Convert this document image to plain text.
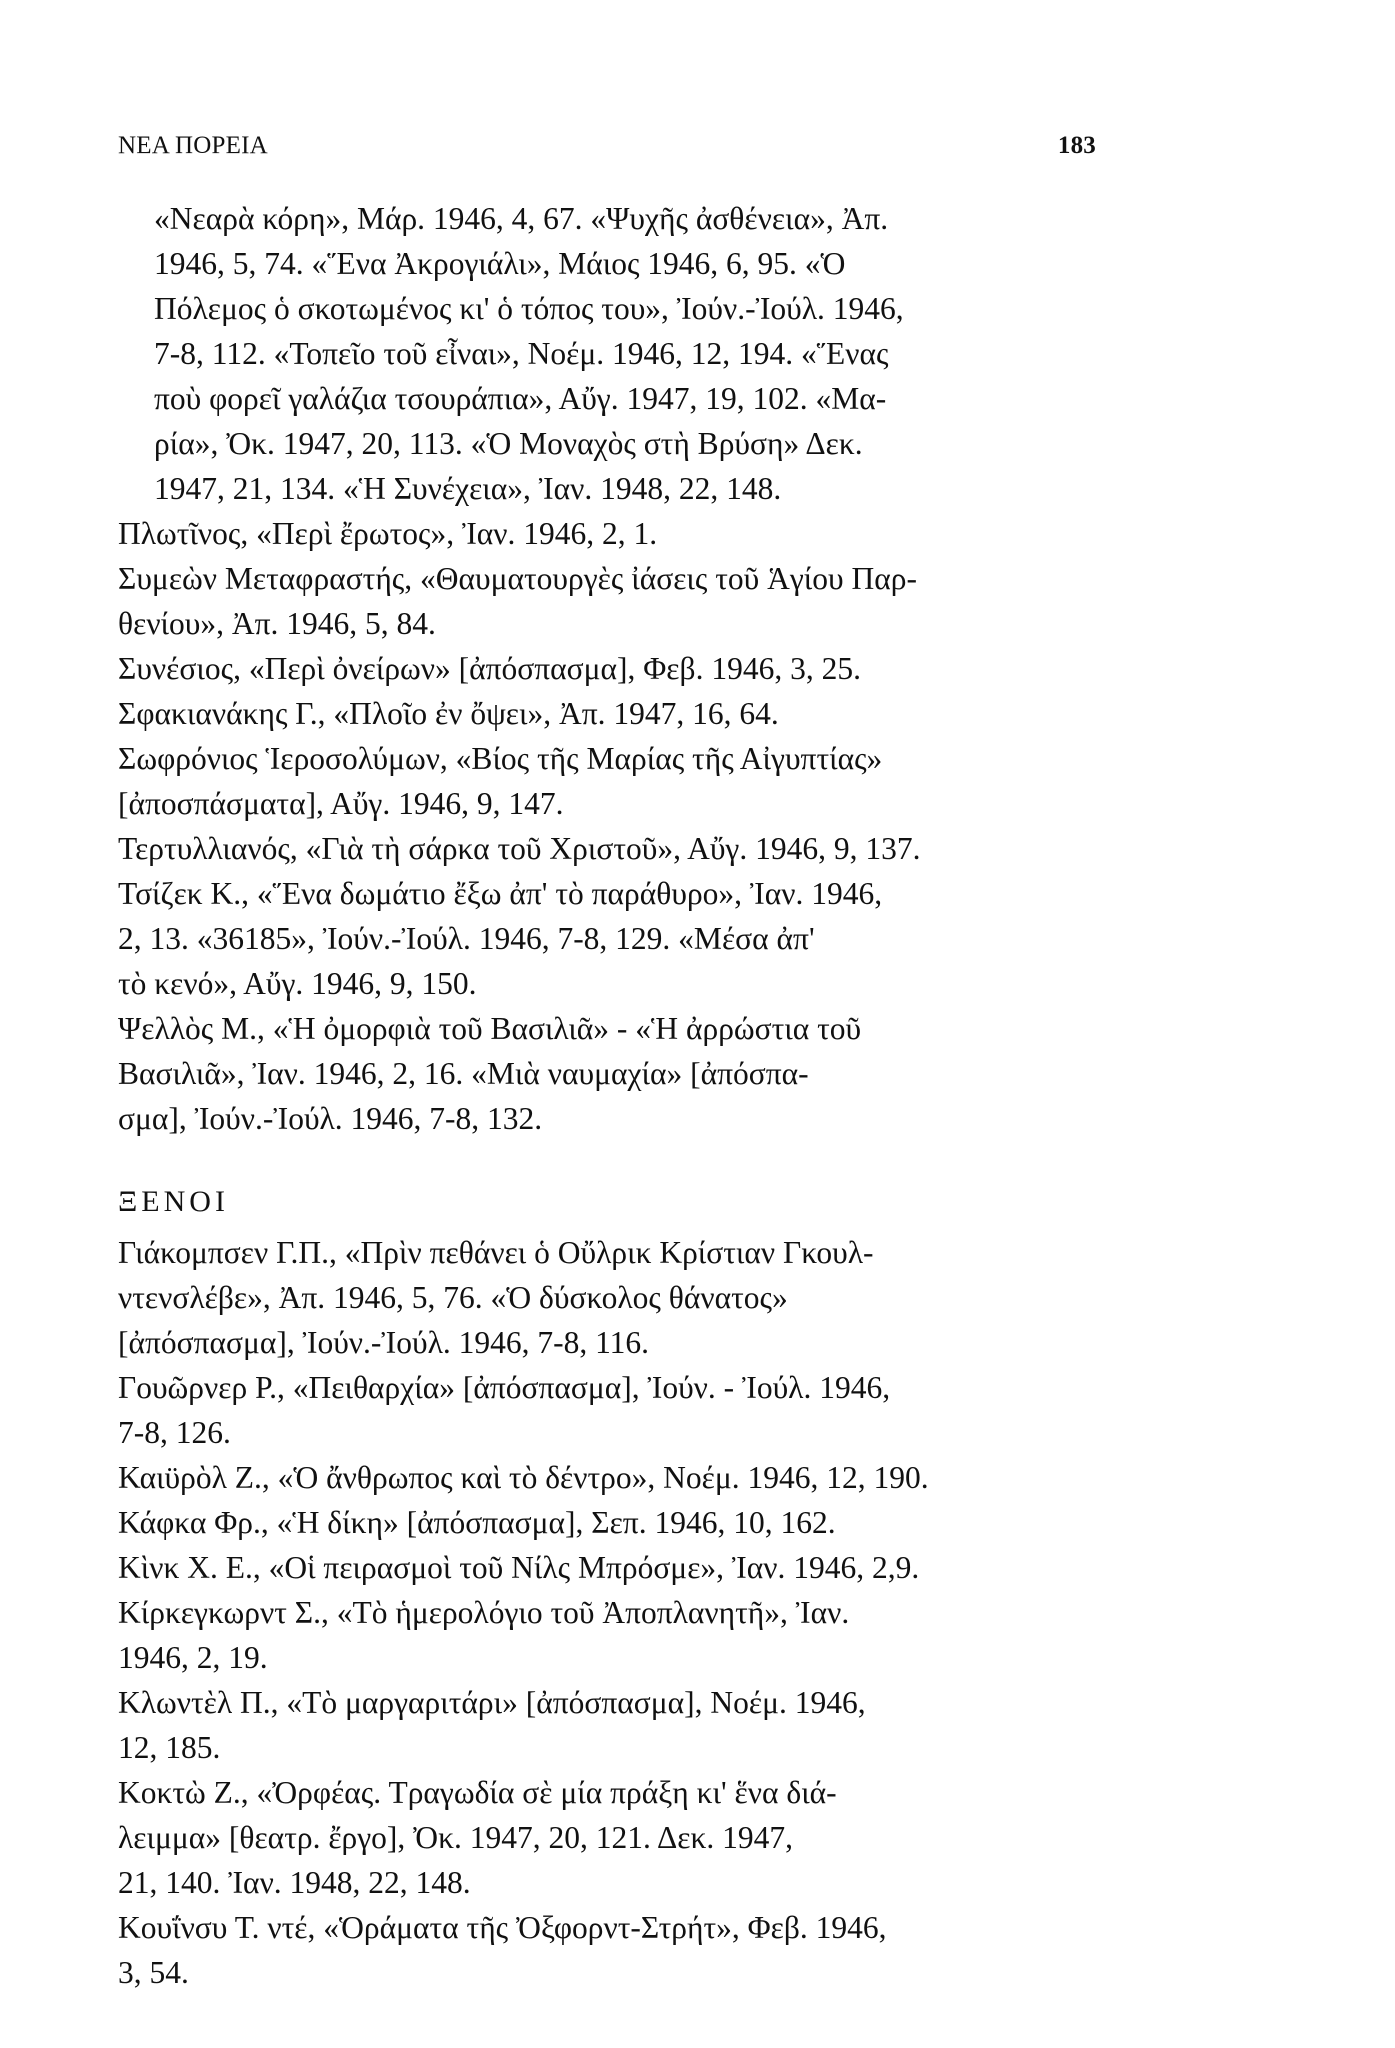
ΝΕΑ ΠΟΡΕΙΑ	183
«Νεαρὰ κόρη», Μάρ. 1946, 4, 67. «Ψυχῆς ἀσθένεια», Ἀπ.
1946, 5, 74. «Ἕνα Ἀκρογιάλι», Μάιος 1946, 6, 95. «Ὁ
Πόλεμος ὁ σκοτωμένος κι' ὁ τόπος του», Ἰούν.-Ἰούλ. 1946,
7-8, 112. «Τοπεῖο τοῦ εἶναι», Νοέμ. 1946, 12, 194. «Ἕνας
ποὺ φορεῖ γαλάζια τσουράπια», Αὔγ. 1947, 19, 102. «Μα-
ρία», Ὀκ. 1947, 20, 113. «Ὁ Μοναχὸς στὴ Βρύση» Δεκ.
1947, 21, 134. «Ἡ Συνέχεια», Ἰαν. 1948, 22, 148.
Πλωτῖνος, «Περὶ ἔρωτος», Ἰαν. 1946, 2, 1.
Συμεὼν Μεταφραστής, «Θαυματουργὲς ἰάσεις τοῦ Ἁγίου Παρ-
θενίου», Ἀπ. 1946, 5, 84.
Συνέσιος, «Περὶ ὀνείρων» [ἀπόσπασμα], Φεβ. 1946, 3, 25.
Σφακιανάκης Γ., «Πλοῖο ἐν ὄψει», Ἀπ. 1947, 16, 64.
Σωφρόνιος Ἱεροσολύμων, «Βίος τῆς Μαρίας τῆς Αἰγυπτίας»
[ἀποσπάσματα], Αὔγ. 1946, 9, 147.
Τερτυλλιανός, «Γιὰ τὴ σάρκα τοῦ Χριστοῦ», Αὔγ. 1946, 9, 137.
Τσίζεκ Κ., «Ἕνα δωμάτιο ἔξω ἀπ' τὸ παράθυρο», Ἰαν. 1946,
2, 13. «36185», Ἰούν.-Ἰούλ. 1946, 7-8, 129. «Μέσα ἀπ'
τὸ κενό», Αὔγ. 1946, 9, 150.
Ψελλὸς Μ., «Ἡ ὀμορφιὰ τοῦ Βασιλιᾶ» - «Ἡ ἀρρώστια τοῦ
Βασιλιᾶ», Ἰαν. 1946, 2, 16. «Μιὰ ναυμαχία» [ἀπόσπα-
σμα], Ἰούν.-Ἰούλ. 1946, 7-8, 132.
ΞΕΝΟΙ
Γιάκομπσεν Γ.Π., «Πρὶν πεθάνει ὁ Οὔλρικ Κρίστιαν Γκουλ-
ντενσλέβε», Ἀπ. 1946, 5, 76. «Ὁ δύσκολος θάνατος»
[ἀπόσπασμα], Ἰούν.-Ἰούλ. 1946, 7-8, 116.
Γουῶρνερ Ρ., «Πειθαρχία» [ἀπόσπασμα], Ἰούν. - Ἰούλ. 1946,
7-8, 126.
Καιϋρὸλ Ζ., «Ὁ ἄνθρωπος καὶ τὸ δέντρο», Νοέμ. 1946, 12, 190.
Κάφκα Φρ., «Ἡ δίκη» [ἀπόσπασμα], Σεπ. 1946, 10, 162.
Κὶνκ Χ. Ε., «Οἱ πειρασμοὶ τοῦ Νίλς Μπρόσμε», Ἰαν. 1946, 2,9.
Κίρκεγκωρντ Σ., «Τὸ ἡμερολόγιο τοῦ Ἀποπλανητῆ», Ἰαν.
1946, 2, 19.
Κλωντὲλ Π., «Τὸ μαργαριτάρι» [ἀπόσπασμα], Νοέμ. 1946,
12, 185.
Κοκτὼ Ζ., «Ὀρφέας. Τραγωδία σὲ μία πράξη κι' ἕνα διά-
λειμμα» [θεατρ. ἔργο], Ὀκ. 1947, 20, 121. Δεκ. 1947,
21, 140. Ἰαν. 1948, 22, 148.
Κουΐνσυ Τ. ντέ, «Ὁράματα τῆς Ὀξφορντ-Στρήτ», Φεβ. 1946,
3, 54.
